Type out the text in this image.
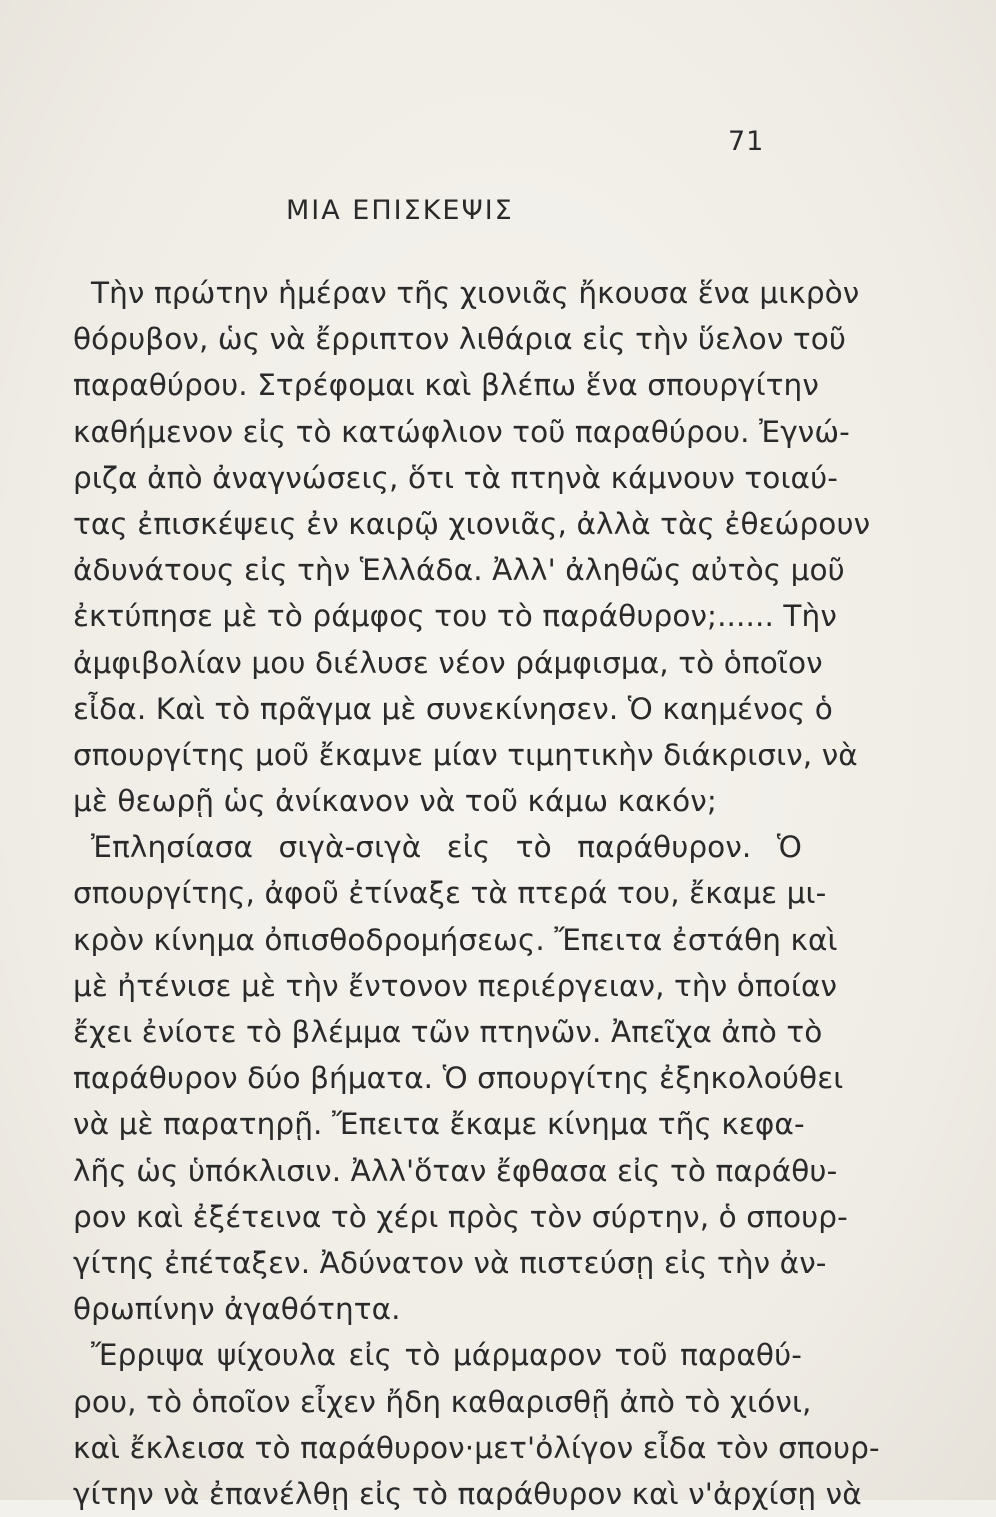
71
ΜΙΑ ΕΠΙΣΚΕΨΙΣ
Τὴν πρώτην ἡμέραν τῆς χιονιᾶς ἤκουσα ἕνα μικρὸν
θόρυβον, ὡς νὰ ἔρριπτον λιθάρια εἰς τὴν ὕελον τοῦ
παραθύρου. Στρέφομαι καὶ βλέπω ἕνα σπουργίτην
καθήμενον εἰς τὸ κατώφλιον τοῦ παραθύρου. Ἐγνώ-
ριζα ἀπὸ ἀναγνώσεις, ὅτι τὰ πτηνὰ κάμνουν τοιαύ-
τας ἐπισκέψεις ἐν καιρῷ χιονιᾶς, ἀλλὰ τὰς ἐθεώρουν
ἀδυνάτους εἰς τὴν Ἑλλάδα. Ἀλλ' ἀληθῶς αὐτὸς μοῦ
ἐκτύπησε μὲ τὸ ράμφος του τὸ παράθυρον;...... Τὴν
ἀμφιβολίαν μου διέλυσε νέον ράμφισμα, τὸ ὁποῖον
εἶδα. Καὶ τὸ πρᾶγμα μὲ συνεκίνησεν. Ὁ καημένος ὁ
σπουργίτης μοῦ ἔκαμνε μίαν τιμητικὴν διάκρισιν, νὰ
μὲ θεωρῇ ὡς ἀνίκανον νὰ τοῦ κάμω κακόν;
Ἐπλησίασα σιγὰ-σιγὰ εἰς τὸ παράθυρον. Ὁ
σπουργίτης, ἀφοῦ ἐτίναξε τὰ πτερά του, ἔκαμε μι-
κρὸν κίνημα ὀπισθοδρομήσεως. Ἔπειτα ἐστάθη καὶ
μὲ ἠτένισε μὲ τὴν ἔντονον περιέργειαν, τὴν ὁποίαν
ἔχει ἐνίοτε τὸ βλέμμα τῶν πτηνῶν. Ἀπεῖχα ἀπὸ τὸ
παράθυρον δύο βήματα. Ὁ σπουργίτης ἐξηκολούθει
νὰ μὲ παρατηρῇ. Ἔπειτα ἔκαμε κίνημα τῆς κεφα-
λῆς ὡς ὑπόκλισιν. Ἀλλ'ὅταν ἔφθασα εἰς τὸ παράθυ-
ρον καὶ ἐξέτεινα τὸ χέρι πρὸς τὸν σύρτην, ὁ σπουρ-
γίτης ἐπέταξεν. Ἀδύνατον νὰ πιστεύσῃ εἰς τὴν ἀν-
θρωπίνην ἀγαθότητα.
Ἔρριψα ψίχουλα εἰς τὸ μάρμαρον τοῦ παραθύ-
ρου, τὸ ὁποῖον εἶχεν ἤδη καθαρισθῇ ἀπὸ τὸ χιόνι,
καὶ ἔκλεισα τὸ παράθυρον·μετ'ὀλίγον εἶδα τὸν σπουρ-
γίτην νὰ ἐπανέλθῃ εἰς τὸ παράθυρον καὶ ν'ἀρχίσῃ νὰ
